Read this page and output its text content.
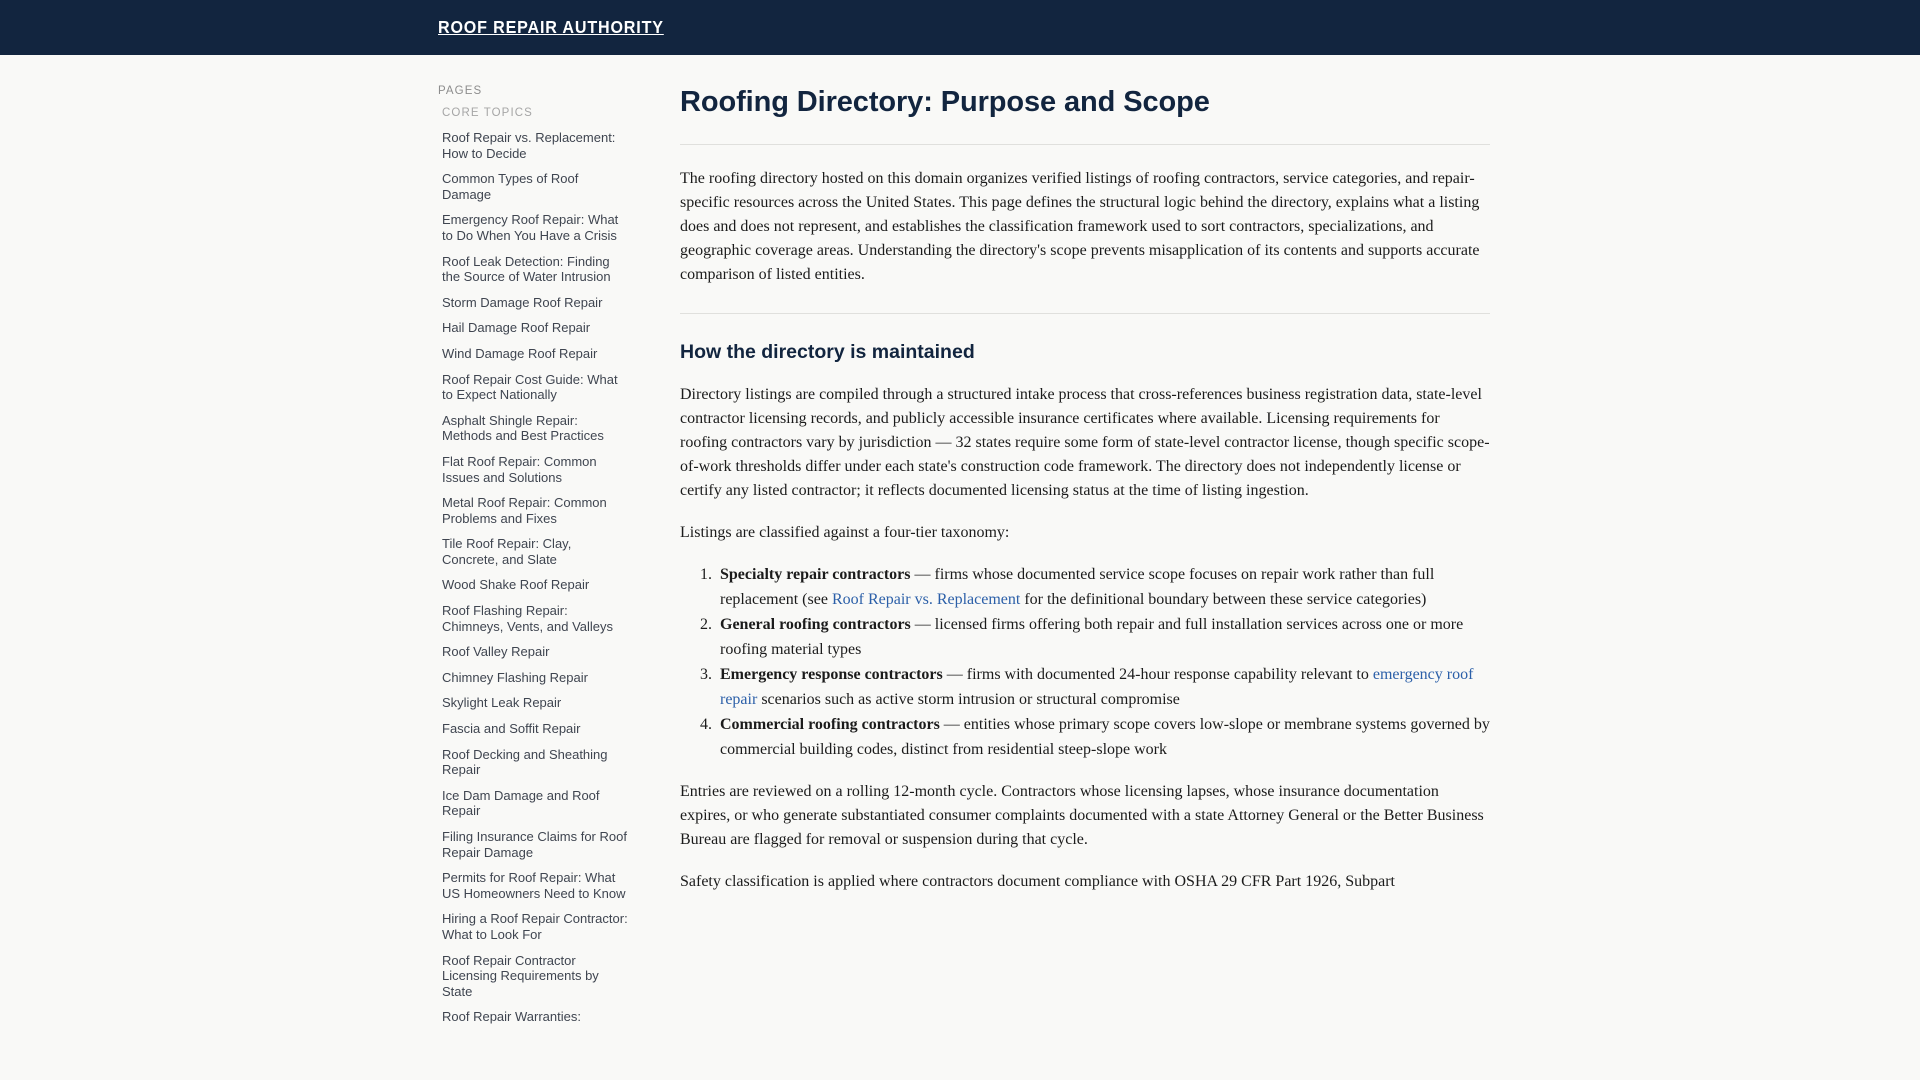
ROOF REPAIR AUTHORITY
PAGES
CORE TOPICS
Roof Repair vs. Replacement: How to Decide
Common Types of Roof Damage
Emergency Roof Repair: What to Do When You Have a Crisis
Roof Leak Detection: Finding the Source of Water Intrusion
Storm Damage Roof Repair
Hail Damage Roof Repair
Wind Damage Roof Repair
Roof Repair Cost Guide: What to Expect Nationally
Asphalt Shingle Repair: Methods and Best Practices
Flat Roof Repair: Common Issues and Solutions
Metal Roof Repair: Common Problems and Fixes
Tile Roof Repair: Clay, Concrete, and Slate
Wood Shake Roof Repair
Roof Flashing Repair: Chimneys, Vents, and Valleys
Roof Valley Repair
Chimney Flashing Repair
Skylight Leak Repair
Fascia and Soffit Repair
Roof Decking and Sheathing Repair
Ice Dam Damage and Roof Repair
Filing Insurance Claims for Roof Repair Damage
Permits for Roof Repair: What US Homeowners Need to Know
Hiring a Roof Repair Contractor: What to Look For
Roof Repair Contractor Licensing Requirements by State
Roof Repair Warranties:
Roofing Directory: Purpose and Scope

The roofing directory hosted on this domain organizes verified listings of roofing contractors, service categories, and repair-specific resources across the United States. This page defines the structural logic behind the directory, explains what a listing does and does not represent, and establishes the classification framework used to sort contractors, specializations, and geographic coverage areas. Understanding the directory's scope prevents misapplication of its contents and supports accurate comparison of listed entities.

How the directory is maintained

Directory listings are compiled through a structured intake process that cross-references business registration data, state-level contractor licensing records, and publicly accessible insurance certificates where available. Licensing requirements for roofing contractors vary by jurisdiction — 32 states require some form of state-level contractor license, though specific scope-of-work thresholds differ under each state's construction code framework. The directory does not independently license or certify any listed contractor; it reflects documented licensing status at the time of listing ingestion.

Listings are classified against a four-tier taxonomy:

1. Specialty repair contractors — firms whose documented service scope focuses on repair work rather than full replacement (see Roof Repair vs. Replacement for the definitional boundary between these service categories)
2. General roofing contractors — licensed firms offering both repair and full installation services across one or more roofing material types
3. Emergency response contractors — firms with documented 24-hour response capability relevant to emergency roof repair scenarios such as active storm intrusion or structural compromise
4. Commercial roofing contractors — entities whose primary scope covers low-slope or membrane systems governed by commercial building codes, distinct from residential steep-slope work

Entries are reviewed on a rolling 12-month cycle. Contractors whose licensing lapses, whose insurance documentation expires, or who generate substantiated consumer complaints documented with a state Attorney General or the Better Business Bureau are flagged for removal or suspension during that cycle.

Safety classification is applied where contractors document compliance with OSHA 29 CFR Part 1926, Subpart
